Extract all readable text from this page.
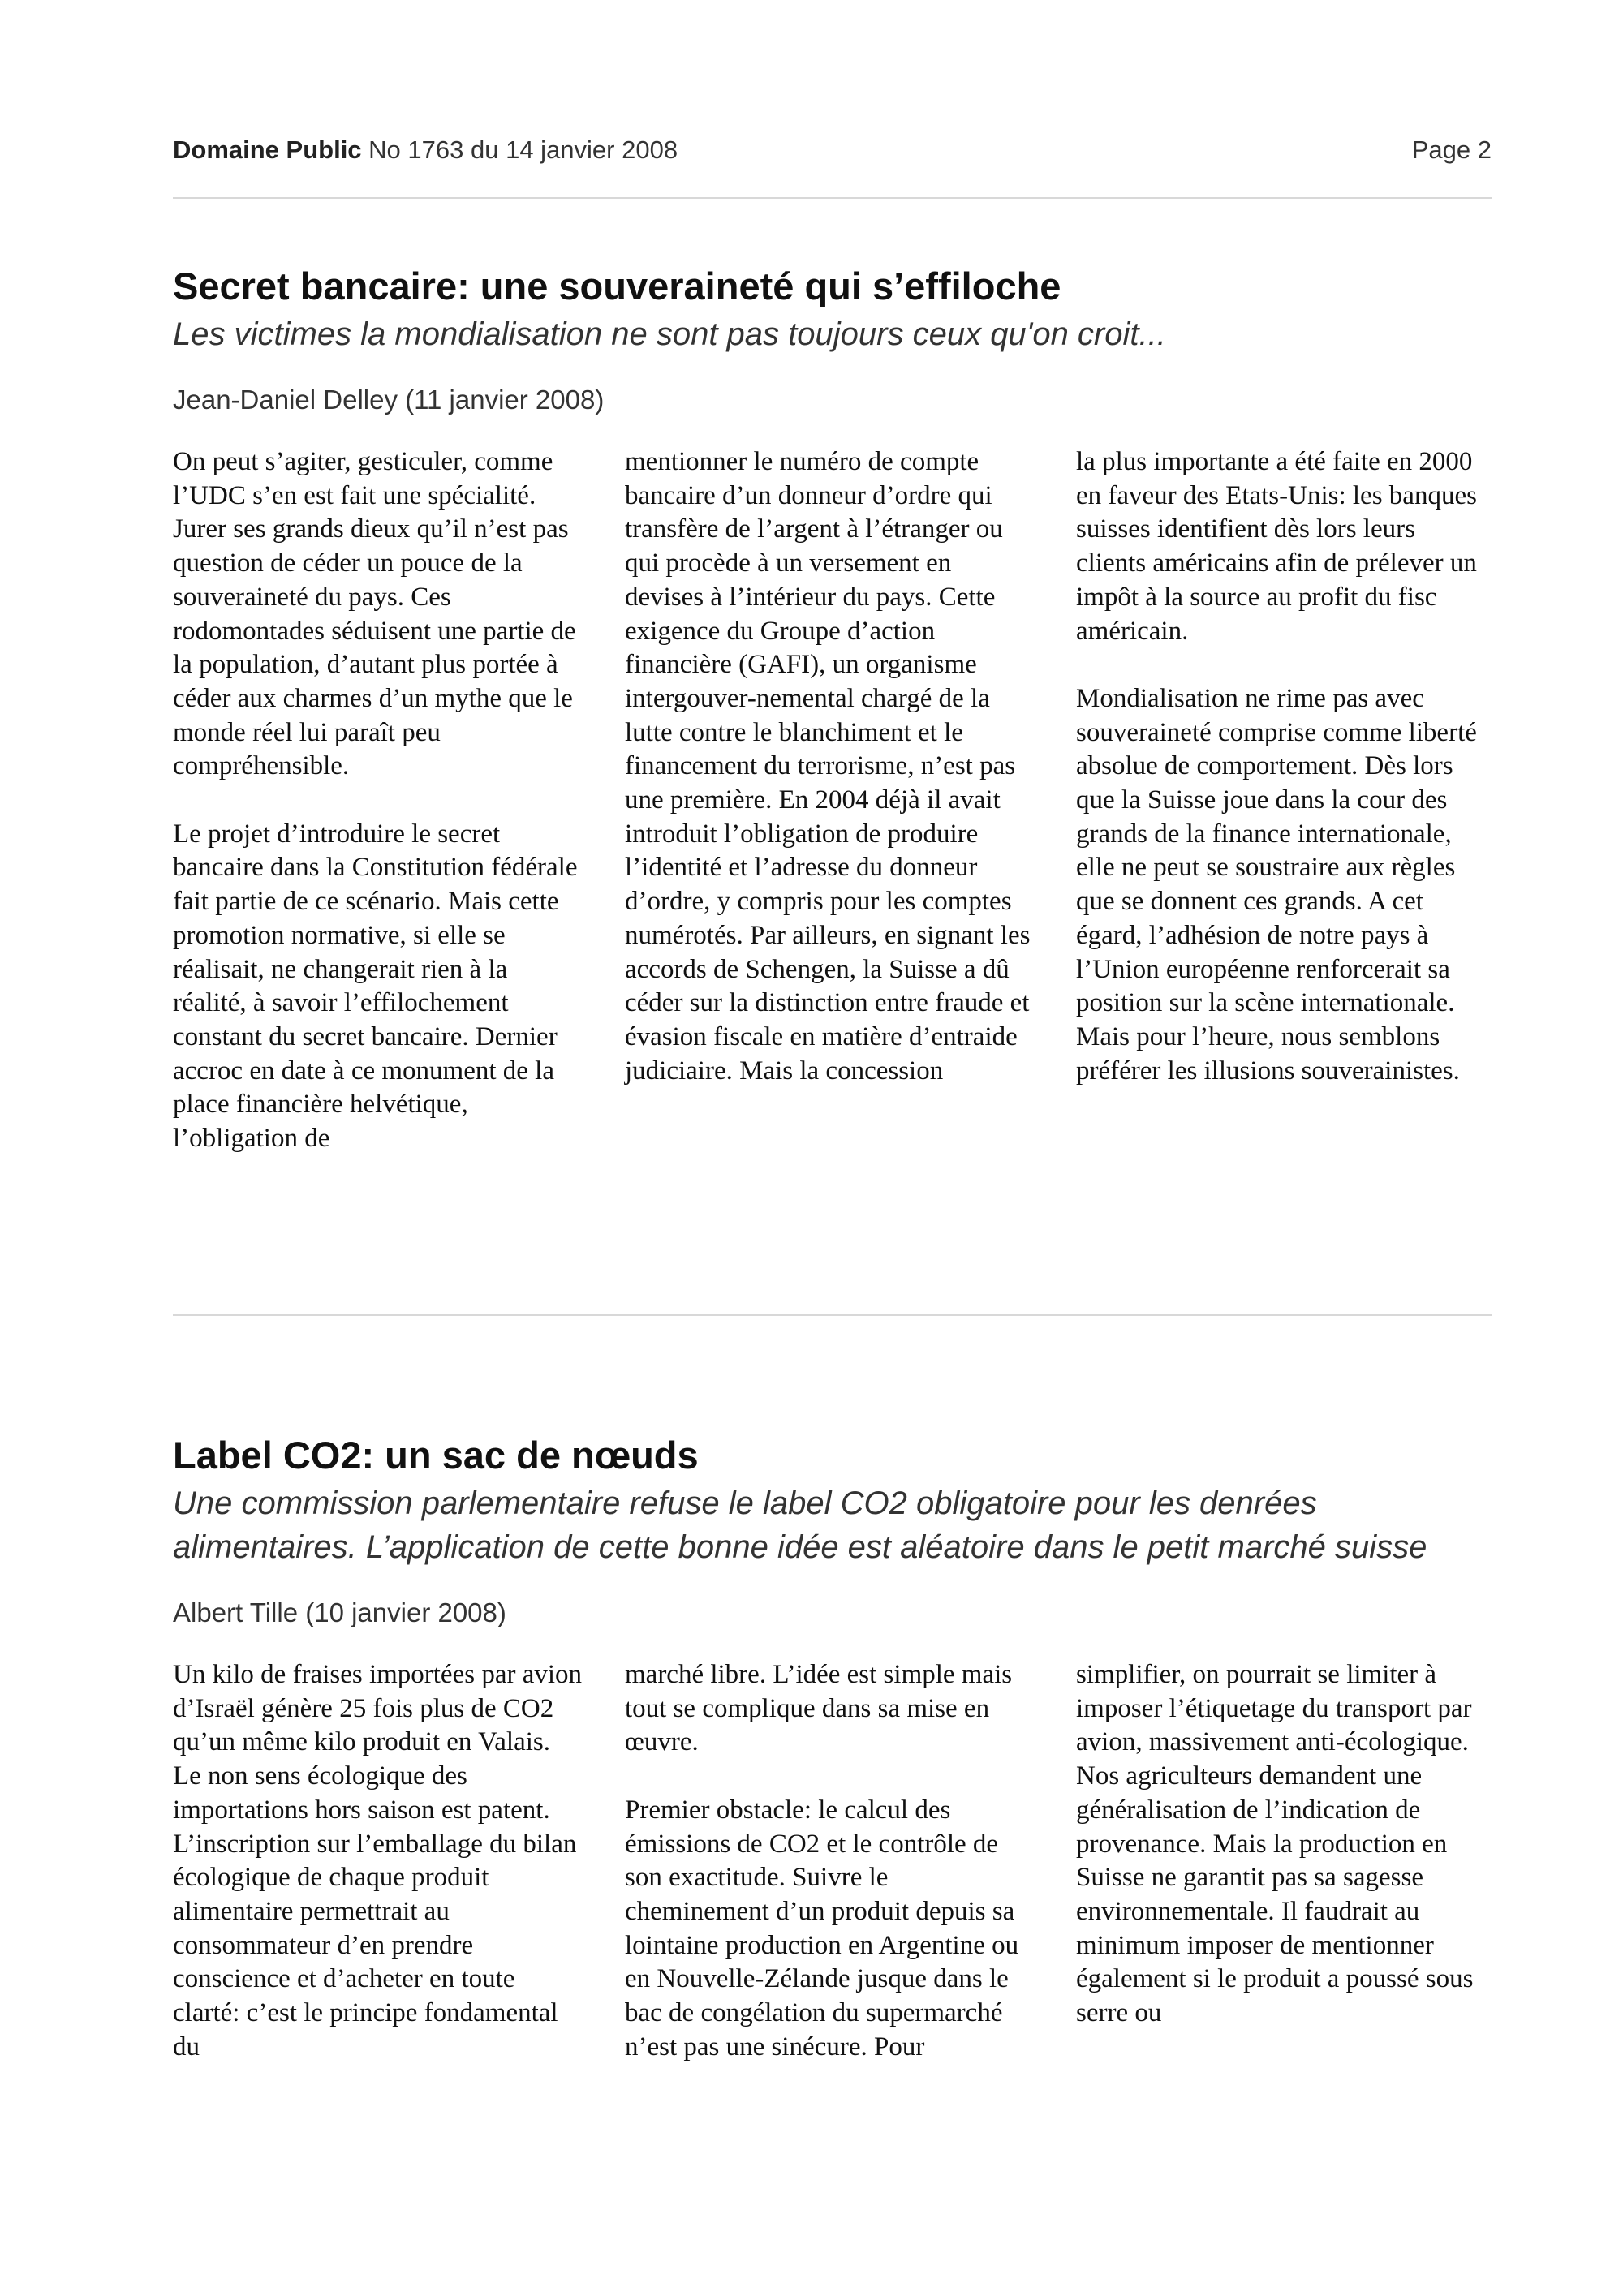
Domaine Public No 1763 du 14 janvier 2008	Page 2
Secret bancaire: une souveraineté qui s’effiloche
Les victimes la mondialisation ne sont pas toujours ceux qu'on croit...
Jean-Daniel Delley (11 janvier 2008)

On peut s’agiter, gesticuler, comme l’UDC s’en est fait une spécialité. Jurer ses grands dieux qu’il n’est pas question de céder un pouce de la souveraineté du pays. Ces rodomontades séduisent une partie de la population, d’autant plus portée à céder aux charmes d’un mythe que le monde réel lui paraît peu compréhensible.

Le projet d’introduire le secret bancaire dans la Constitution fédérale fait partie de ce scénario. Mais cette promotion normative, si elle se réalisait, ne changerait rien à la réalité, à savoir l’effilochement constant du secret bancaire. Dernier accroc en date à ce monument de la place financière helvétique, l’obligation de

mentionner le numéro de compte bancaire d’un donneur d’ordre qui transfère de l’argent à l’étranger ou qui procède à un versement en devises à l’intérieur du pays. Cette exigence du Groupe d’action financière (GAFI), un organisme intergouver-nemental chargé de la lutte contre le blanchiment et le financement du terrorisme, n’est pas une première. En 2004 déjà il avait introduit l’obligation de produire l’identité et l’adresse du donneur d’ordre, y compris pour les comptes numérotés. Par ailleurs, en signant les accords de Schengen, la Suisse a dû céder sur la distinction entre fraude et évasion fiscale en matière d’entraide judiciaire. Mais la concession

la plus importante a été faite en 2000 en faveur des Etats-Unis: les banques suisses identifient dès lors leurs clients américains afin de prélever un impôt à la source au profit du fisc américain.

Mondialisation ne rime pas avec souveraineté comprise comme liberté absolue de comportement. Dès lors que la Suisse joue dans la cour des grands de la finance internationale, elle ne peut se soustraire aux règles que se donnent ces grands. A cet égard, l’adhésion de notre pays à l’Union européenne renforcerait sa position sur la scène internationale. Mais pour l’heure, nous semblons préférer les illusions souverainistes.

Label CO2: un sac de nœuds
Une commission parlementaire refuse le label CO2 obligatoire pour les denrées alimentaires. L’application de cette bonne idée est aléatoire dans le petit marché suisse
Albert Tille (10 janvier 2008)

Un kilo de fraises importées par avion d’Israël génère 25 fois plus de CO2 qu’un même kilo produit en Valais. Le non sens écologique des importations hors saison est patent. L’inscription sur l’emballage du bilan écologique de chaque produit alimentaire permettrait au consommateur d’en prendre conscience et d’acheter en toute clarté: c’est le principe fondamental du

marché libre. L’idée est simple mais tout se complique dans sa mise en œuvre.

Premier obstacle: le calcul des émissions de CO2 et le contrôle de son exactitude. Suivre le cheminement d’un produit depuis sa lointaine production en Argentine ou en Nouvelle-Zélande jusque dans le bac de congélation du supermarché n’est pas une sinécure. Pour

simplifier, on pourrait se limiter à imposer l’étiquetage du transport par avion, massivement anti-écologique. Nos agriculteurs demandent une généralisation de l’indication de provenance. Mais la production en Suisse ne garantit pas sa sagesse environnementale. Il faudrait au minimum imposer de mentionner également si le produit a poussé sous serre ou
